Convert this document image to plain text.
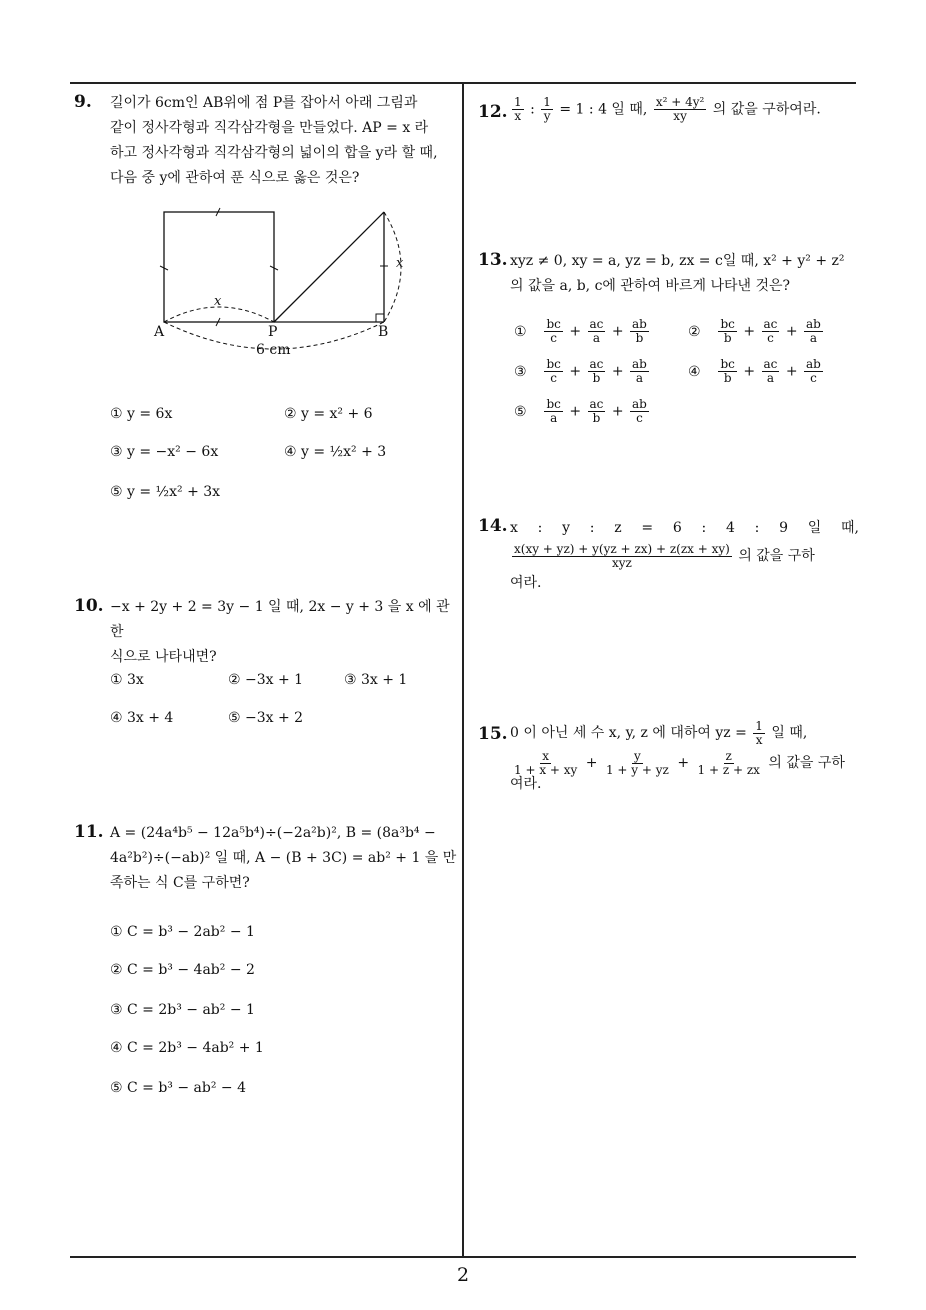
9. 길이가 6cm인 AB위에 점 P를 잡아서 아래 그림과

같이 정사각형과 직각삼각형을 만들었다. AP = x 라

하고 정사각형과 직각삼각형의 넓이의 합을 y라 할 때,

다음 중 y에 관하여 푼 식으로 옳은 것은?

A	P	B
x
x
6 cm
① y = 6x	② y = x² + 6
③ y = −x² − 6x	④ y = ½x² + 3
⑤ y = ½x² + 3x
10. −x + 2y + 2 = 3y − 1 일 때, 2x − y + 3 을 x 에 관한

식으로 나타내면?

① 3x	② −3x + 1	③ 3x + 1
④ 3x + 4	⑤ −3x + 2
11. A = (24a⁴b⁵ − 12a⁵b⁴)÷(−2a²b)², B = (8a³b⁴ −

4a²b²)÷(−ab)² 일 때, A − (B + 3C) = ab² + 1 을 만

족하는 식 C를 구하면?

① C = b³ − 2ab² − 1
② C = b³ − 4ab² − 2
③ C = 2b³ − ab² − 1
④ C = 2b³ − 4ab² + 1
⑤ C = b³ − ab² − 4
12. $\frac{1}{x}$ : $\frac{1}{y} = 1$ : 4 일 때, $\frac{\text{x² + 4y²}}{xy}$ 의 값을 구하여라.
13. xyz ≠ 0, xy = a, yz = b, zx = c일 때, x² + y² + z²

의 값을 a, b, c에 관하여 바르게 나타낸 것은?

① $\frac{bc}{c} + \frac{ac}{a} + \frac{ab}{b}$	② $\frac{bc}{b} + \frac{ac}{c} + \frac{ab}{a}$
③ $\frac{bc}{c} + \frac{ac}{b} + \frac{ab}{a}$	④ $\frac{bc}{b} + \frac{ac}{a} + \frac{ab}{c}$
⑤ $\frac{bc}{a} + \frac{ac}{b} + \frac{ab}{c}$
14. x : y : z = 6 : 4 : 9 일 때,

$\frac{x(xy + yz) + y(yz + zx) + z(zx + xy)}{\text{xyz}}$ 의 값을 구하

여라.

15. 0 이 아닌 세 수 x, y, z 에 대하여 yz = $\frac{1}{x}$ 일 때,

$\frac{x}{1 + x + xy} + \frac{y}{1 + y + yz} + \frac{z}{1 + z + zx}$ 의 값을 구하

여라.

2
